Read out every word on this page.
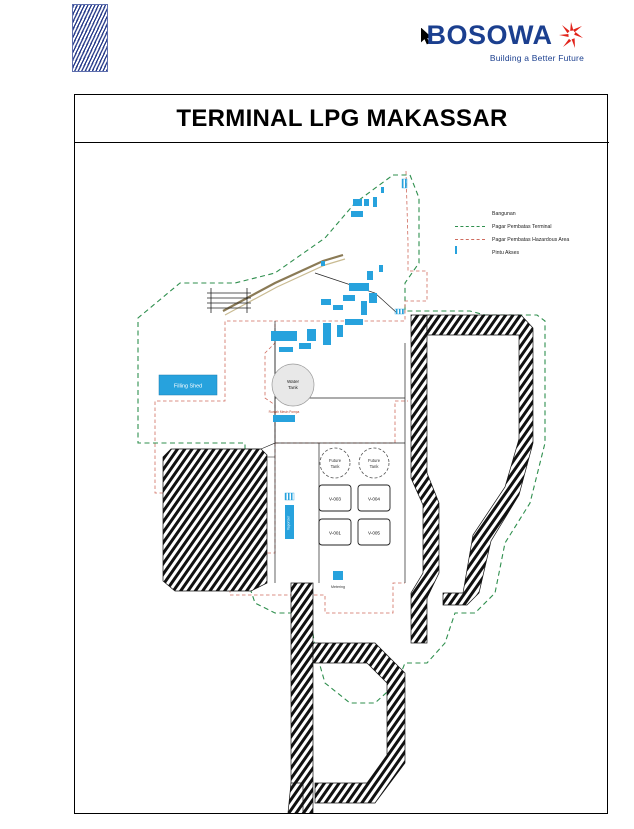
BOSOWA
Building a Better Future
TERMINAL LPG MAKASSAR
Filling Shed
Water
Tank
Rumah Mesin Pompa
Future
Tank
Future
Tank
V-003	V-004
V-001	V-005
Vaporizer
Metering
Bangunan
Pagar Pembatas Terminal
Pagar Pembatas Hazardous Area
Pintu Akses
